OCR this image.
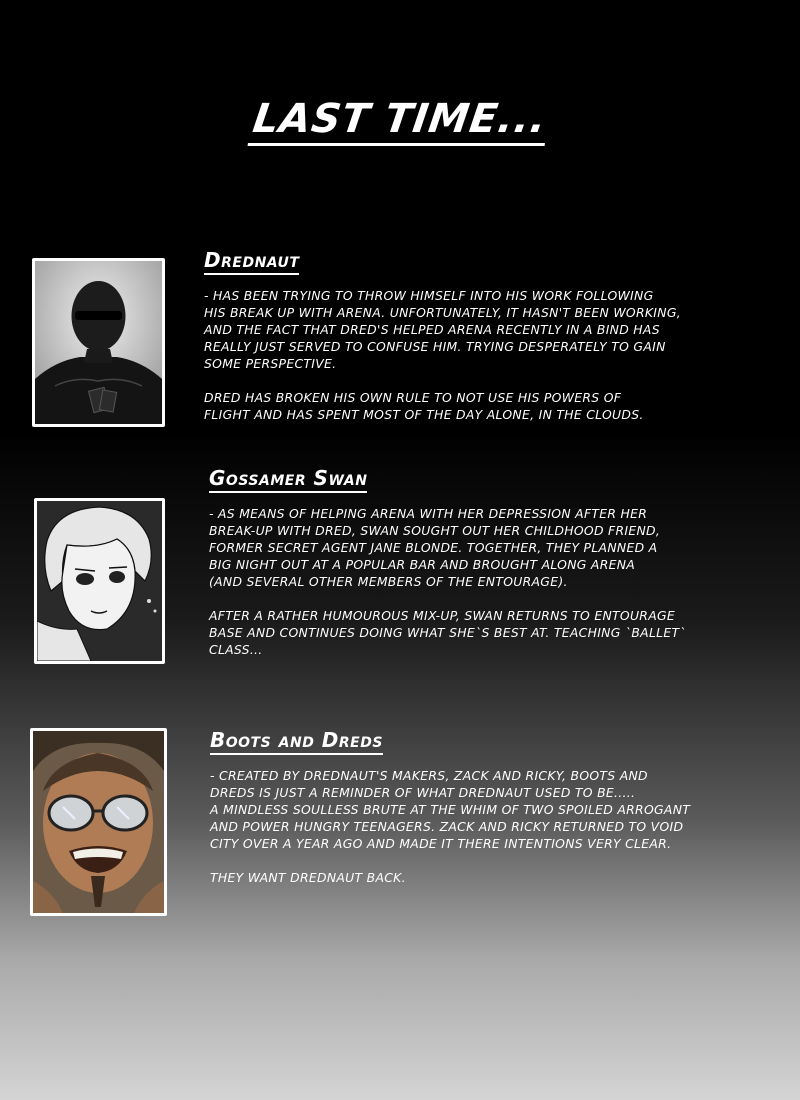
LAST TIME...
Drednaut

- HAS BEEN TRYING TO THROW HIMSELF INTO HIS WORK FOLLOWING
HIS BREAK UP WITH ARENA. UNFORTUNATELY, IT HASN'T BEEN WORKING,
AND THE FACT THAT DRED'S HELPED ARENA RECENTLY IN A BIND HAS
REALLY JUST SERVED TO CONFUSE HIM. TRYING DESPERATELY TO GAIN
SOME PERSPECTIVE.

DRED HAS BROKEN HIS OWN RULE TO NOT USE HIS POWERS OF
FLIGHT AND HAS SPENT MOST OF THE DAY ALONE, IN THE CLOUDS.

Gossamer Swan

- AS MEANS OF HELPING ARENA WITH HER DEPRESSION AFTER HER
BREAK-UP WITH DRED, SWAN SOUGHT OUT HER CHILDHOOD FRIEND,
FORMER SECRET AGENT JANE BLONDE. TOGETHER, THEY PLANNED A
BIG NIGHT OUT AT A POPULAR BAR AND BROUGHT ALONG ARENA
(AND SEVERAL OTHER MEMBERS OF THE ENTOURAGE).

AFTER A RATHER HUMOUROUS MIX-UP, SWAN RETURNS TO ENTOURAGE
BASE AND CONTINUES DOING WHAT SHE`S BEST AT. TEACHING `BALLET`
CLASS...

Boots and Dreds

- CREATED BY DREDNAUT'S MAKERS, ZACK AND RICKY, BOOTS AND
DREDS IS JUST A REMINDER OF WHAT DREDNAUT USED TO BE.....
A MINDLESS SOULLESS BRUTE AT THE WHIM OF TWO SPOILED ARROGANT
AND POWER HUNGRY TEENAGERS. ZACK AND RICKY RETURNED TO VOID
CITY OVER A YEAR AGO AND MADE IT THERE INTENTIONS VERY CLEAR.

THEY WANT DREDNAUT BACK.
